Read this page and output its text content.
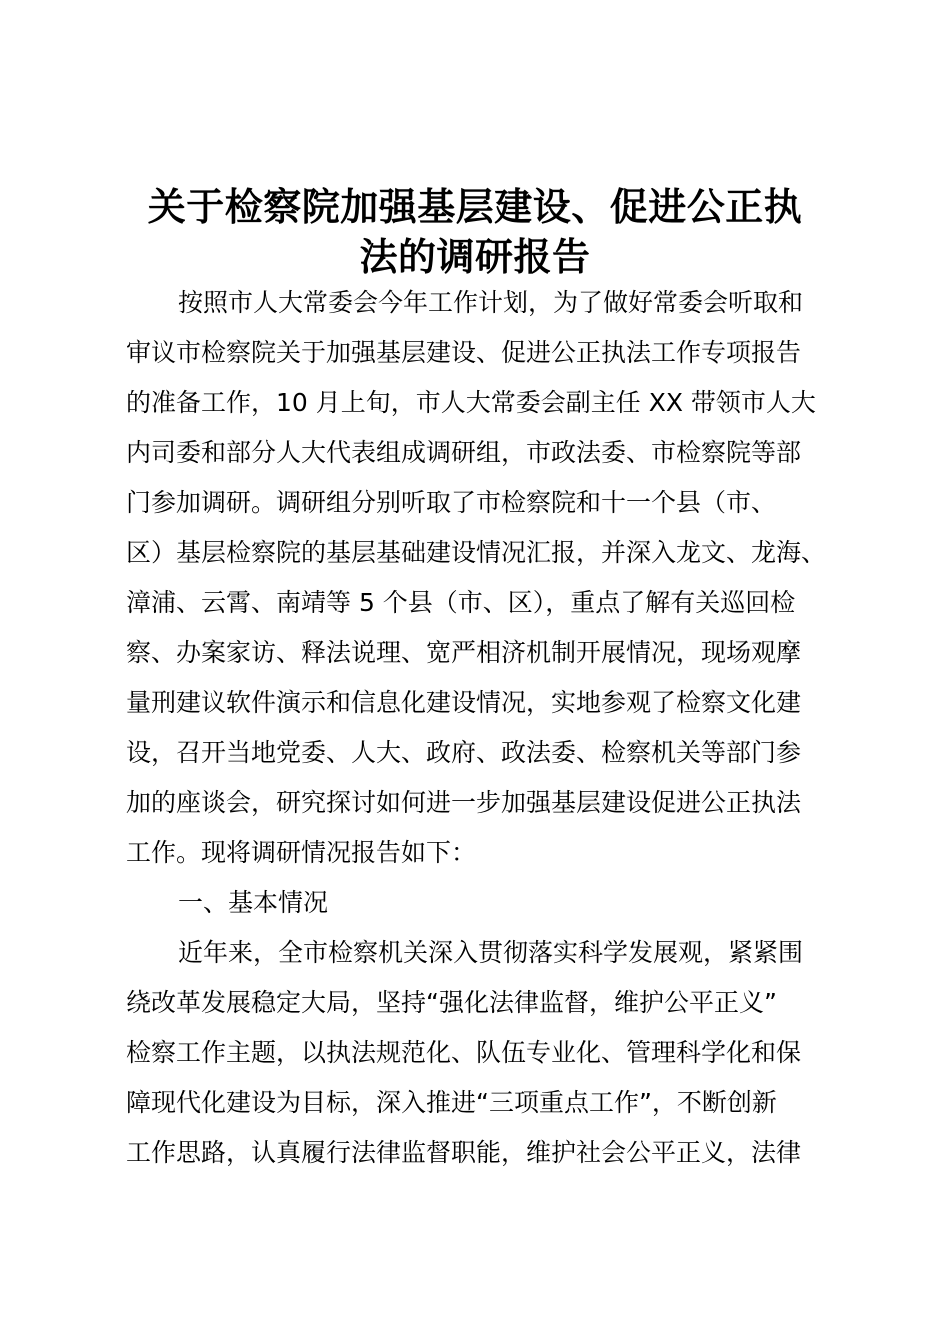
关于检察院加强基层建设、促进公正执
法的调研报告
按照市人大常委会今年工作计划，为了做好常委会听取和
审议市检察院关于加强基层建设、促进公正执法工作专项报告
的准备工作，10 月上旬，市人大常委会副主任 XX 带领市人大
内司委和部分人大代表组成调研组，市政法委、市检察院等部
门参加调研。调研组分别听取了市检察院和十一个县（市、
区）基层检察院的基层基础建设情况汇报，并深入龙文、龙海、
漳浦、云霄、南靖等 5 个县（市、区），重点了解有关巡回检
察、办案家访、释法说理、宽严相济机制开展情况，现场观摩
量刑建议软件演示和信息化建设情况，实地参观了检察文化建
设，召开当地党委、人大、政府、政法委、检察机关等部门参
加的座谈会，研究探讨如何进一步加强基层建设促进公正执法
工作。现将调研情况报告如下：
一、基本情况
近年来，全市检察机关深入贯彻落实科学发展观，紧紧围
绕改革发展稳定大局，坚持“强化法律监督，维护公平正义”
检察工作主题，以执法规范化、队伍专业化、管理科学化和保
障现代化建设为目标，深入推进“三项重点工作”，不断创新
工作思路，认真履行法律监督职能，维护社会公平正义，法律
